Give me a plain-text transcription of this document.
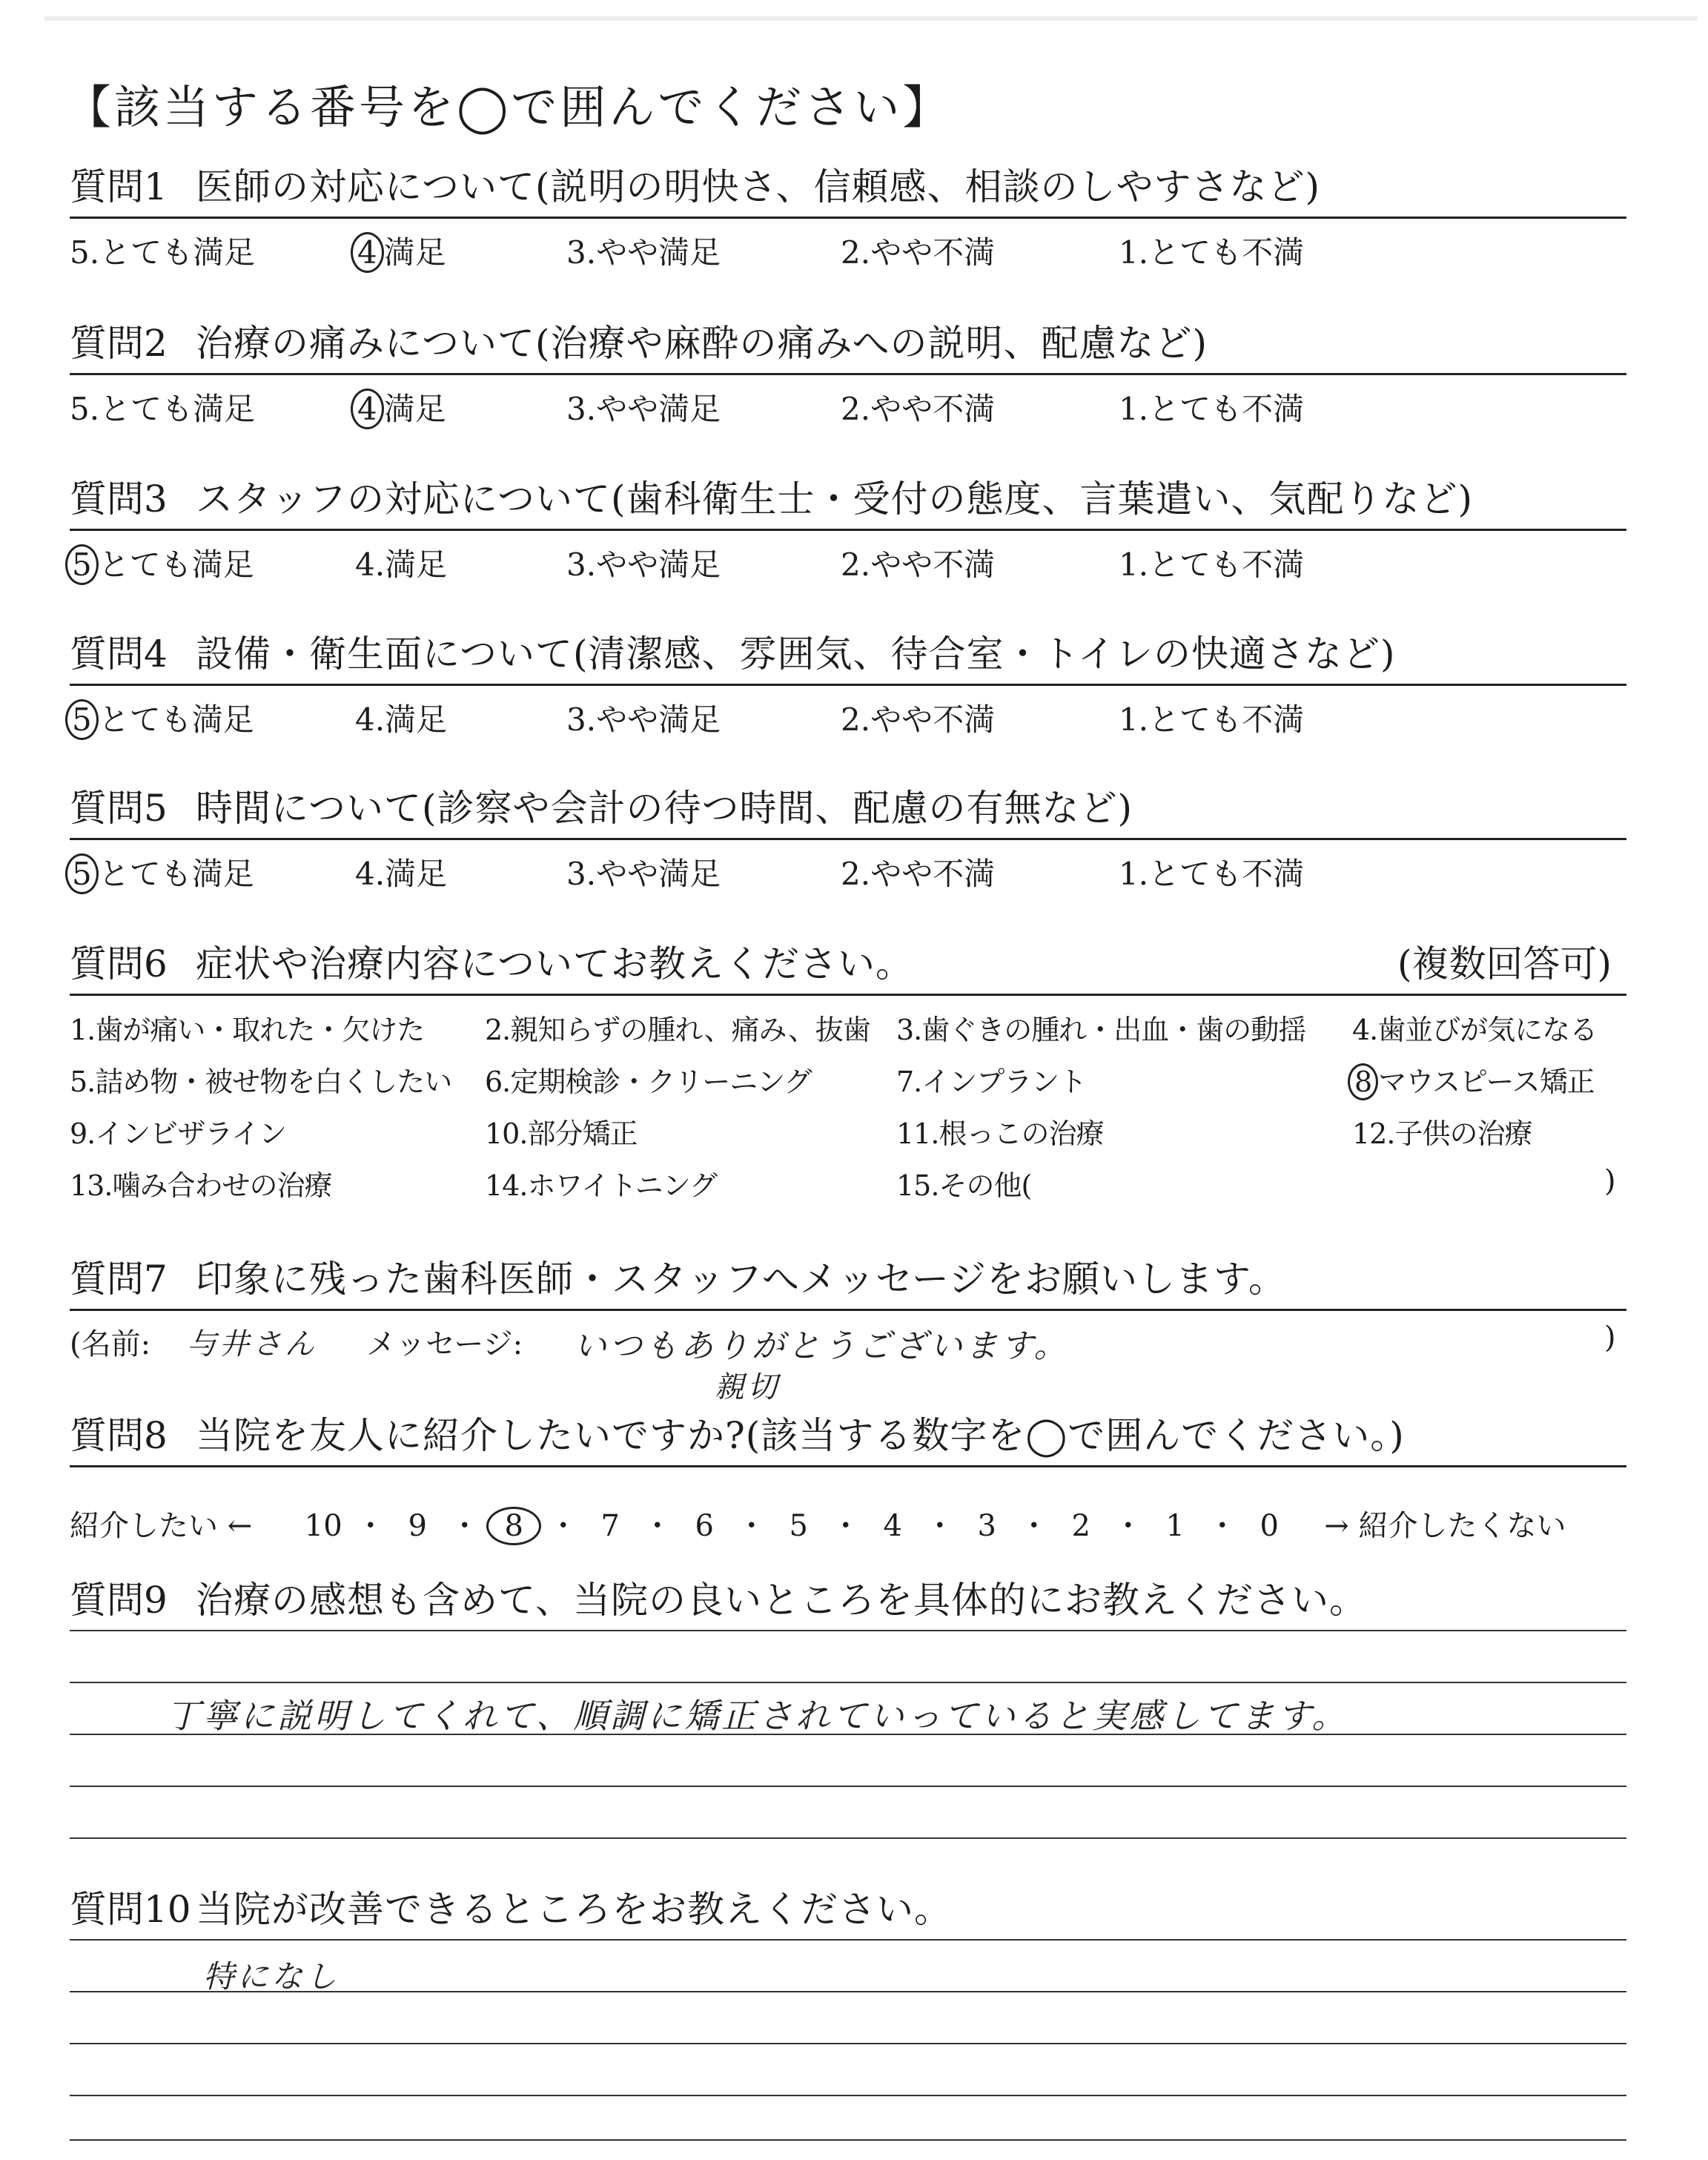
【該当する番号を◯で囲んでください】
質問1 医師の対応について(説明の明快さ、信頼感、相談のしやすさなど)
5.とても満足	4 満足	3.やや満足	2.やや不満	1.とても不満
質問2 治療の痛みについて(治療や麻酔の痛みへの説明、配慮など)
5.とても満足	4 満足	3.やや満足	2.やや不満	1.とても不満
質問3 スタッフの対応について(歯科衛生士・受付の態度、言葉遣い、気配りなど)
5 とても満足	4.満足	3.やや満足	2.やや不満	1.とても不満
質問4 設備・衛生面について(清潔感、雰囲気、待合室・トイレの快適さなど)
5 とても満足	4.満足	3.やや満足	2.やや不満	1.とても不満
質問5 時間について(診察や会計の待つ時間、配慮の有無など)
5 とても満足	4.満足	3.やや満足	2.やや不満	1.とても不満
質問6 症状や治療内容についてお教えください。	(複数回答可)
1.歯が痛い・取れた・欠けた 2.親知らずの腫れ、痛み、抜歯 3.歯ぐきの腫れ・出血・歯の動揺 4.歯並びが気になる
5.詰め物・被せ物を白くしたい 6.定期検診・クリーニング	7.インプラント	8 マウスピース矯正
9.インビザライン	10.部分矯正	11.根っこの治療	12.子供の治療
13.噛み合わせの治療	14.ホワイトニング	15.その他(	)
質問7 印象に残った歯科医師・スタッフへメッセージをお願いします。
(名前: 与井さん メッセージ: いつもありがとうございます。
親切
)
質問8 当院を友人に紹介したいですか?(該当する数字を◯で囲んでください。)
紹介したい ← 10 ・ 9 ・ 8 ・ 7 ・ 6 ・ 5 ・ 4 ・ 3 ・ 2 ・ 1 ・ 0 → 紹介したくない
質問9 治療の感想も含めて、当院の良いところを具体的にお教えください。
丁寧に説明してくれて、順調に矯正されていっていると実感してます。
質問10 当院が改善できるところをお教えください。
特になし
